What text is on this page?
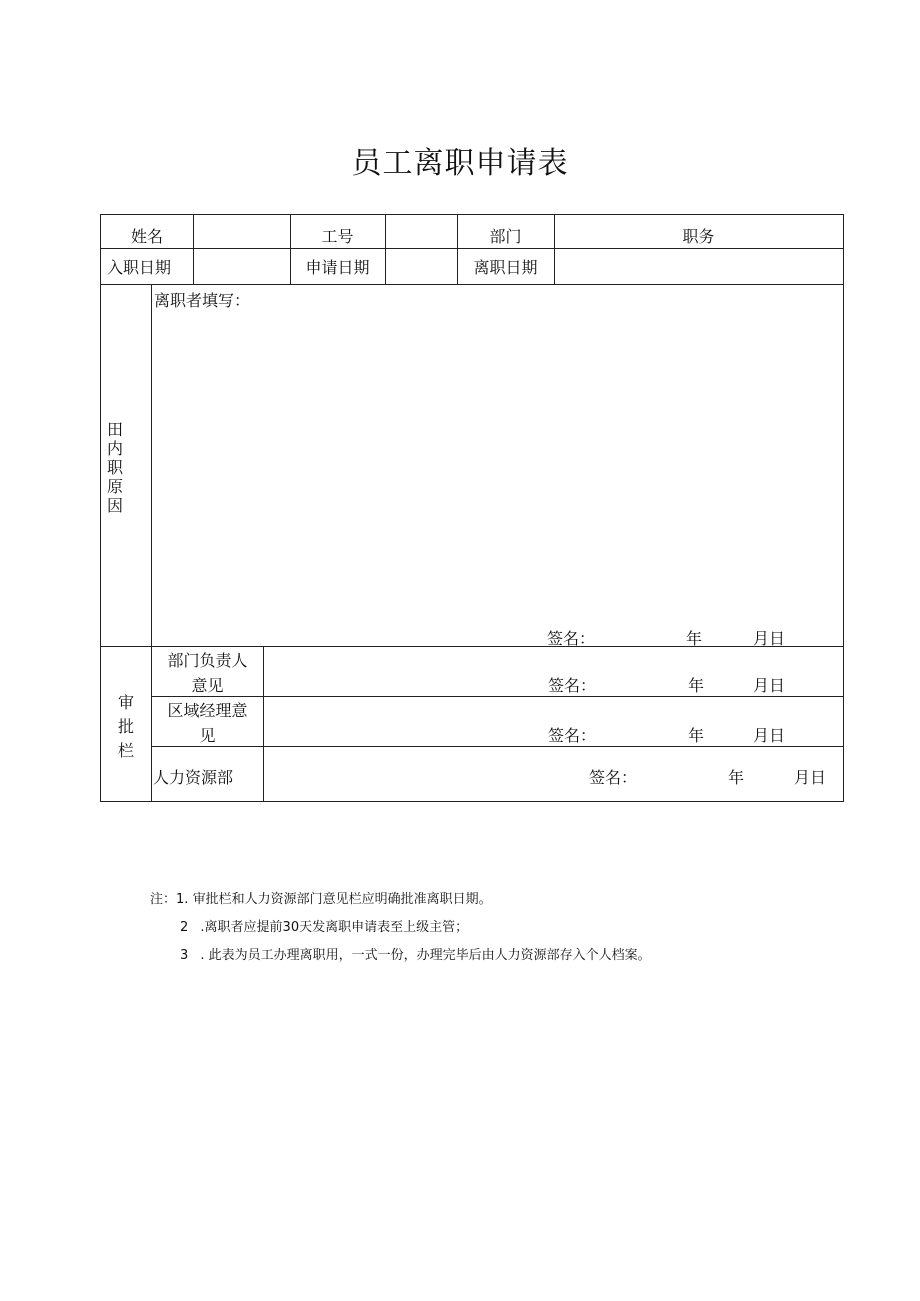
员工离职申请表
姓名	工号	部门	职务
入职日期	申请日期	离职日期
田
内
职
原
因
离职者填写：
签名：	年	月日
审
批
栏
部门负责人
意见	签名：	年	月日
区域经理意
见	签名：	年	月日
人力资源部	签名：	年	月日
注：1. 审批栏和人力资源部门意见栏应明确批准离职日期。
2 .离职者应提前30天发离职申请表至上级主管；
3 . 此表为员工办理离职用，一式一份，办理完毕后由人力资源部存入个人档案。
